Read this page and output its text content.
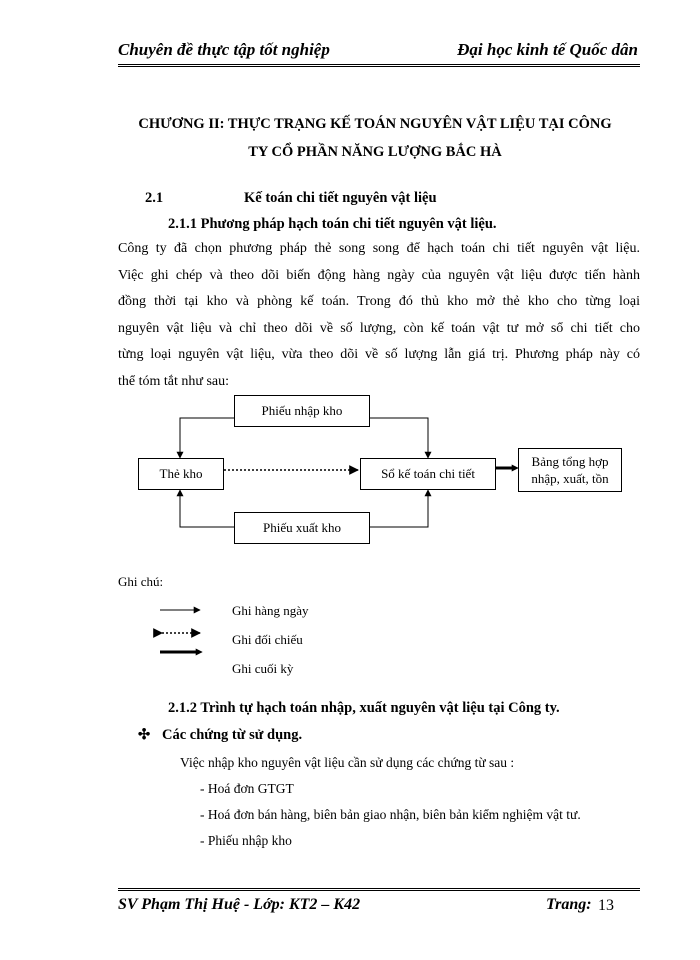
Chuyên đề thực tập tốt nghiệp	Đại học kinh tế Quốc dân
CHƯƠNG II: THỰC TRẠNG KẾ TOÁN NGUYÊN VẬT LIỆU TẠI CÔNG
TY CỔ PHẦN NĂNG LƯỢNG BẮC HÀ
2.1	Kế toán chi tiết nguyên vật liệu
2.1.1 Phương pháp hạch toán chi tiết nguyên vật liệu.
Công ty đã chọn phương pháp thẻ song song để hạch toán chi tiết nguyên vật liệu.
Việc ghi chép và theo dõi biến động hàng ngày của nguyên vật liệu được tiến hành
đồng thời tại kho và phòng kế toán. Trong đó thủ kho mở thẻ kho cho từng loại
nguyên vật liệu và chỉ theo dõi về số lượng, còn kế toán vật tư mở sổ chi tiết cho
từng loại nguyên vật liệu, vừa theo dõi về số lượng lẫn giá trị. Phương pháp này có
thể tóm tắt như sau:
Phiếu nhập kho
Thẻ kho	Sổ kế toán chi tiết
Bảng tổng hợp
nhập, xuất, tồn
Phiếu xuất kho
Ghi chú:
Ghi hàng ngày
Ghi đối chiếu
Ghi cuối kỳ
2.1.2 Trình tự hạch toán nhập, xuất nguyên vật liệu tại Công ty.
✣ Các chứng từ sử dụng.
Việc nhập kho nguyên vật liệu cần sử dụng các chứng từ sau :
- Hoá đơn GTGT
- Hoá đơn bán hàng, biên bản giao nhận, biên bản kiểm nghiệm vật tư.
- Phiếu nhập kho
SV Phạm Thị Huệ - Lớp: KT2 – K42	Trang: 13
